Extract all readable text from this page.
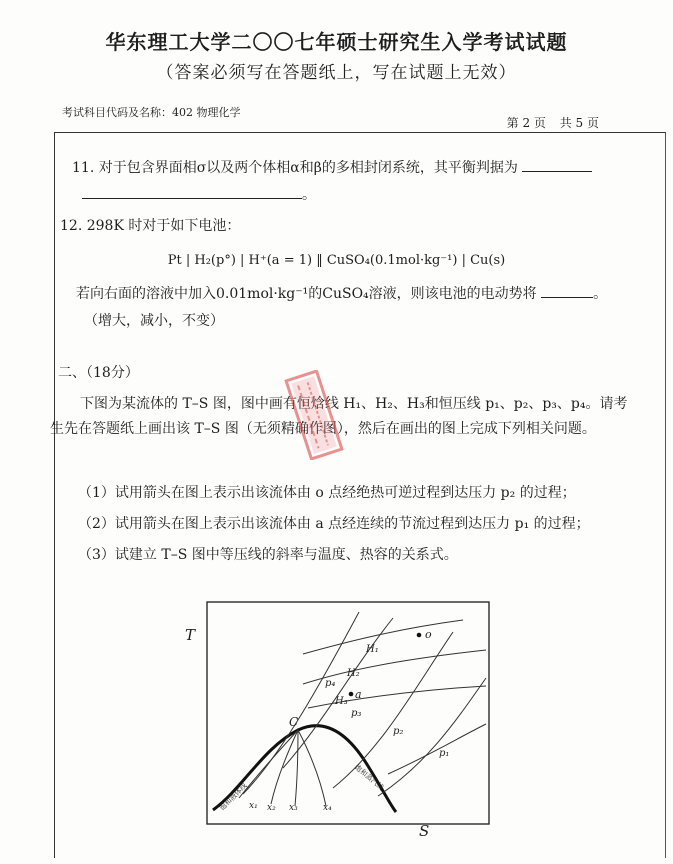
华东理工大学二〇〇七年硕士研究生入学考试试题
（答案必须写在答题纸上，写在试题上无效）
考试科目代码及名称：402 物理化学
第 2 页 共 5 页
11. 对于包含界面相σ以及两个体相α和β的多相封闭系统，其平衡判据为
。
12. 298K 时对于如下电池：
Pt | H₂(p°) | H⁺(a = 1) ‖ CuSO₄(0.1mol·kg⁻¹) | Cu(s)
若向右面的溶液中加入0.01mol·kg⁻¹的CuSO₄溶液，则该电池的电动势将	。
（增大，减小，不变）
二、（18分）
下图为某流体的 T–S 图，图中画有恒焓线 H₁、H₂、H₃和恒压线 p₁、p₂、p₃、p₄。请考生先在答题纸上画出该 T–S 图（无须精确作图），然后在画出的图上完成下列相关问题。
（1）试用箭头在图上表示出该流体由 o 点经绝热可逆过程到达压力 p₂ 的过程；
（2）试用箭头在图上表示出该流体由 a 点经连续的节流过程到达压力 p₁ 的过程；
（3）试建立 T–S 图中等压线的斜率与温度、热容的关系式。
T
S
C
a
o
H₁
H₂
H₃
p₁
p₂
p₃
p₄
x₁ x₂ x₃	x₄
饱和液体线
饱和蒸汽线
